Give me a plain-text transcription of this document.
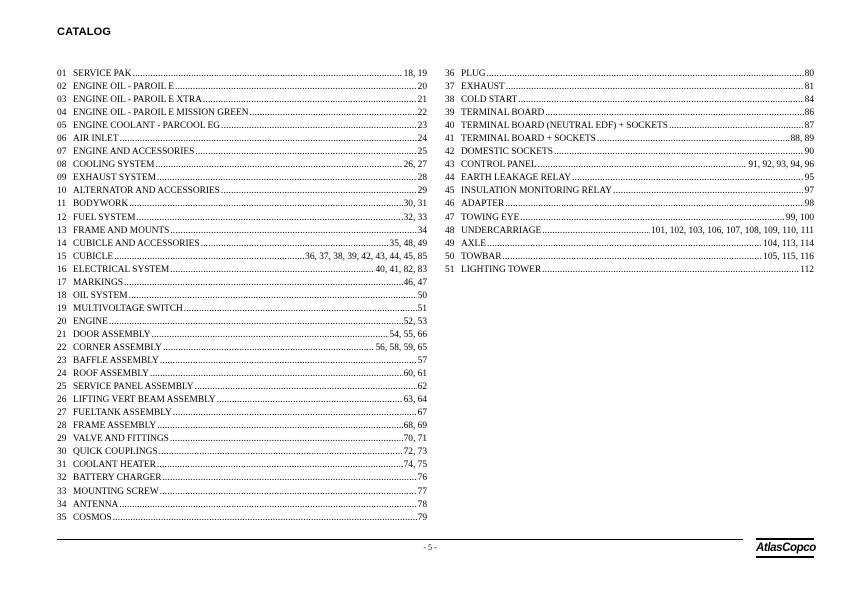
CATALOG
01 SERVICE PAK .....	18, 19
02 ENGINE OIL - PAROIL E .....	20
03 ENGINE OIL - PAROIL E XTRA .....	21
04 ENGINE OIL - PAROIL E MISSION GREEN .....	22
05 ENGINE COOLANT - PARCOOL EG .....	23
06 AIR INLET .....	24
07 ENGINE AND ACCESSORIES .....	25
08 COOLING SYSTEM .....	26, 27
09 EXHAUST SYSTEM .....	28
10 ALTERNATOR AND ACCESSORIES .....	29
11 BODYWORK .....	30, 31
12 FUEL SYSTEM .....	32, 33
13 FRAME AND MOUNTS .....	34
14 CUBICLE AND ACCESSORIES .....	35, 48, 49
15 CUBICLE .....	36, 37, 38, 39, 42, 43, 44, 45, 85
16 ELECTRICAL SYSTEM .....	40, 41, 82, 83
17 MARKINGS .....	46, 47
18 OIL SYSTEM .....	50
19 MULTIVOLTAGE SWITCH .....	51
20 ENGINE .....	52, 53
21 DOOR ASSEMBLY .....	54, 55, 66
22 CORNER ASSEMBLY .....	56, 58, 59, 65
23 BAFFLE ASSEMBLY .....	57
24 ROOF ASSEMBLY .....	60, 61
25 SERVICE PANEL ASSEMBLY .....	62
26 LIFTING VERT BEAM ASSEMBLY .....	63, 64
27 FUELTANK ASSEMBLY .....	67
28 FRAME ASSEMBLY .....	68, 69
29 VALVE AND FITTINGS .....	70, 71
30 QUICK COUPLINGS .....	72, 73
31 COOLANT HEATER .....	74, 75
32 BATTERY CHARGER .....	76
33 MOUNTING SCREW .....	77
34 ANTENNA .....	78
35 COSMOS .....	79
36 PLUG .....	80
37 EXHAUST .....	81
38 COLD START .....	84
39 TERMINAL BOARD .....	86
40 TERMINAL BOARD (NEUTRAL EDF) + SOCKETS .....	87
41 TERMINAL BOARD + SOCKETS .....	88, 89
42 DOMESTIC SOCKETS .....	90
43 CONTROL PANEL .....	91, 92, 93, 94, 96
44 EARTH LEAKAGE RELAY .....	95
45 INSULATION MONITORING RELAY .....	97
46 ADAPTER .....	98
47 TOWING EYE .....	99, 100
48 UNDERCARRIAGE .....	101, 102, 103, 106, 107, 108, 109, 110, 111
49 AXLE .....	104, 113, 114
50 TOWBAR .....	105, 115, 116
51 LIGHTING TOWER .....	112
- 5 -	AtlasCopco
